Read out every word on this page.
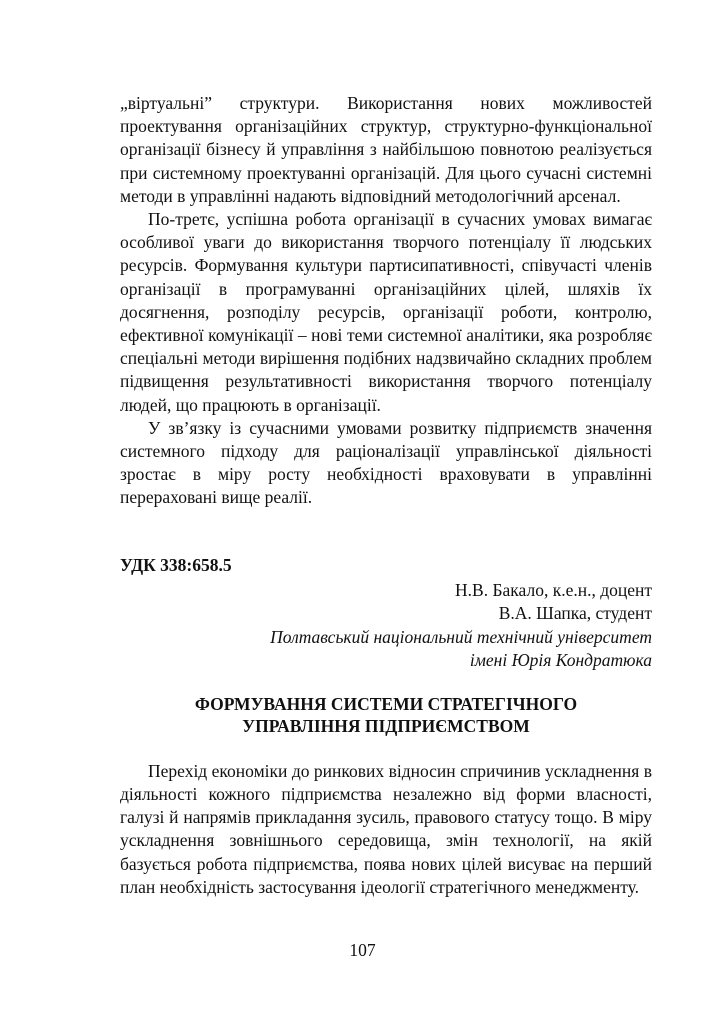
„віртуальні” структури. Використання нових можливостей проектування організаційних структур, структурно-функціональної організації бізнесу й управління з найбільшою повнотою реалізується при системному проектуванні організацій. Для цього сучасні системні методи в управлінні надають відповідний методологічний арсенал.

По-третє, успішна робота організації в сучасних умовах вимагає особливої уваги до використання творчого потенціалу її людських ресурсів. Формування культури партисипативності, співучасті членів організації в програмуванні організаційних цілей, шляхів їх досягнення, розподілу ресурсів, організації роботи, контролю, ефективної комунікації – нові теми системної аналітики, яка розробляє спеціальні методи вирішення подібних надзвичайно складних проблем підвищення результативності використання творчого потенціалу людей, що працюють в організації.

У зв’язку із сучасними умовами розвитку підприємств значення системного підходу для раціоналізації управлінської діяльності зростає в міру росту необхідності враховувати в управлінні перераховані вище реалії.

УДК 338:658.5
Н.В. Бакало, к.е.н., доцент
В.А. Шапка, студент
Полтавський національний технічний університет
імені Юрія Кондратюка
ФОРМУВАННЯ СИСТЕМИ СТРАТЕГІЧНОГО
УПРАВЛІННЯ ПІДПРИЄМСТВОМ

Перехід економіки до ринкових відносин спричинив ускладнення в діяльності кожного підприємства незалежно від форми власності, галузі й напрямів прикладання зусиль, правового статусу тощо. В міру ускладнення зовнішнього середовища, змін технології, на якій базується робота підприємства, поява нових цілей висуває на перший план необхідність застосування ідеології стратегічного менеджменту.

107
